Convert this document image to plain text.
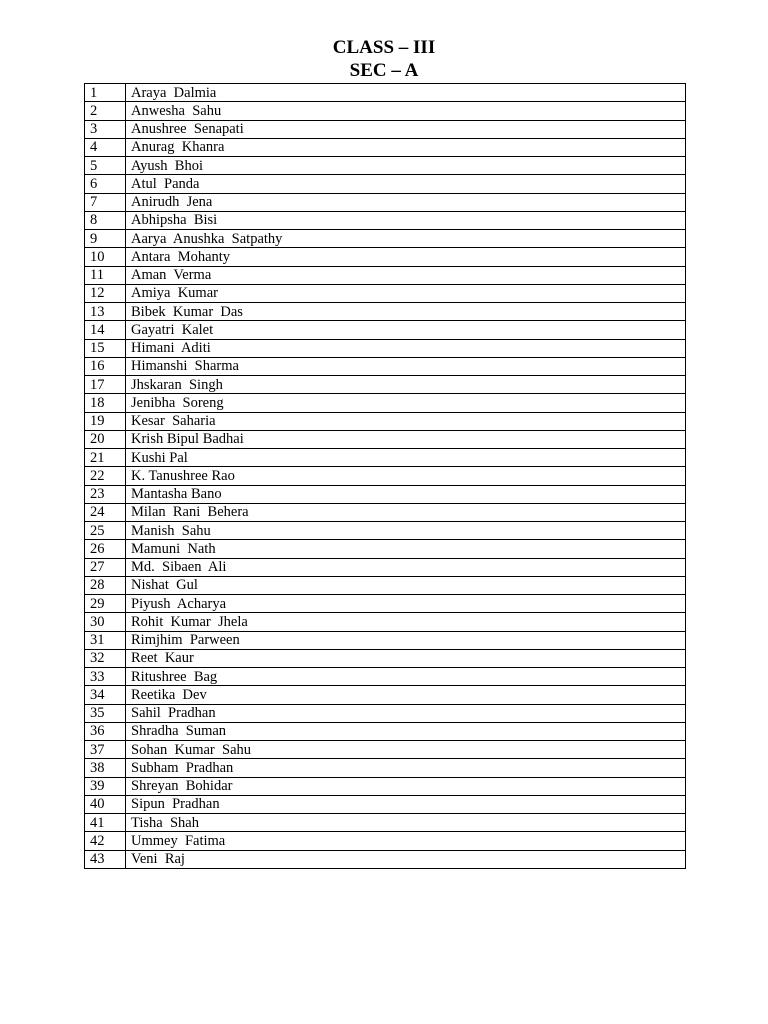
CLASS – III
SEC – A
1	Araya  Dalmia
2	Anwesha  Sahu
3	Anushree  Senapati
4	Anurag  Khanra
5	Ayush  Bhoi
6	Atul  Panda
7	Anirudh  Jena
8	Abhipsha  Bisi
9	Aarya  Anushka  Satpathy
10	Antara  Mohanty
11	Aman  Verma
12	Amiya  Kumar
13	Bibek  Kumar  Das
14	Gayatri  Kalet
15	Himani  Aditi
16	Himanshi  Sharma
17	Jhskaran  Singh
18	Jenibha  Soreng
19	Kesar  Saharia
20	Krish Bipul Badhai
21	Kushi Pal
22	K. Tanushree Rao
23	Mantasha Bano
24	Milan  Rani  Behera
25	Manish  Sahu
26	Mamuni  Nath
27	Md.  Sibaen  Ali
28	Nishat  Gul
29	Piyush  Acharya
30	Rohit  Kumar  Jhela
31	Rimjhim  Parween
32	Reet  Kaur
33	Ritushree  Bag
34	Reetika  Dev
35	Sahil  Pradhan
36	Shradha  Suman
37	Sohan  Kumar  Sahu
38	Subham  Pradhan
39	Shreyan  Bohidar
40	Sipun  Pradhan
41	Tisha  Shah
42	Ummey  Fatima
43	Veni  Raj
